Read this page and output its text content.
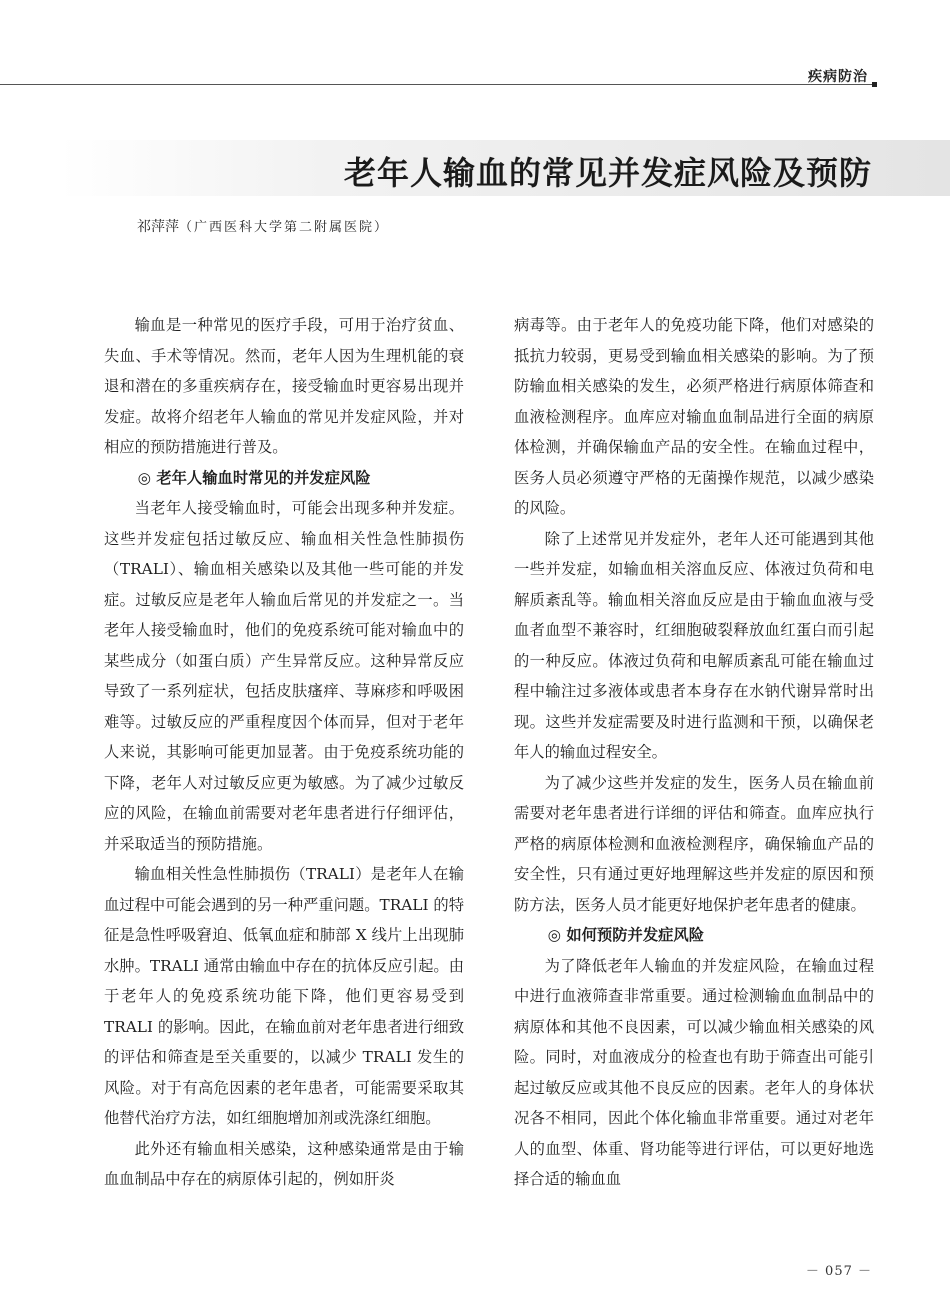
疾病防治
老年人输血的常见并发症风险及预防
祁萍萍（广西医科大学第二附属医院）

输血是一种常见的医疗手段，可用于治疗贫血、失血、手术等情况。然而，老年人因为生理机能的衰退和潜在的多重疾病存在，接受输血时更容易出现并发症。故将介绍老年人输血的常见并发症风险，并对相应的预防措施进行普及。

◎ 老年人输血时常见的并发症风险

当老年人接受输血时，可能会出现多种并发症。这些并发症包括过敏反应、输血相关性急性肺损伤（TRALI）、输血相关感染以及其他一些可能的并发症。过敏反应是老年人输血后常见的并发症之一。当老年人接受输血时，他们的免疫系统可能对输血中的某些成分（如蛋白质）产生异常反应。这种异常反应导致了一系列症状，包括皮肤瘙痒、荨麻疹和呼吸困难等。过敏反应的严重程度因个体而异，但对于老年人来说，其影响可能更加显著。由于免疫系统功能的下降，老年人对过敏反应更为敏感。为了减少过敏反应的风险，在输血前需要对老年患者进行仔细评估，并采取适当的预防措施。

输血相关性急性肺损伤（TRALI）是老年人在输血过程中可能会遇到的另一种严重问题。TRALI 的特征是急性呼吸窘迫、低氧血症和肺部 X 线片上出现肺水肿。TRALI 通常由输血中存在的抗体反应引起。由于老年人的免疫系统功能下降，他们更容易受到 TRALI 的影响。因此，在输血前对老年患者进行细致的评估和筛查是至关重要的，以减少 TRALI 发生的风险。对于有高危因素的老年患者，可能需要采取其他替代治疗方法，如红细胞增加剂或洗涤红细胞。

此外还有输血相关感染，这种感染通常是由于输血血制品中存在的病原体引起的，例如肝炎

病毒等。由于老年人的免疫功能下降，他们对感染的抵抗力较弱，更易受到输血相关感染的影响。为了预防输血相关感染的发生，必须严格进行病原体筛查和血液检测程序。血库应对输血血制品进行全面的病原体检测，并确保输血产品的安全性。在输血过程中，医务人员必须遵守严格的无菌操作规范，以减少感染的风险。

除了上述常见并发症外，老年人还可能遇到其他一些并发症，如输血相关溶血反应、体液过负荷和电解质紊乱等。输血相关溶血反应是由于输血血液与受血者血型不兼容时，红细胞破裂释放血红蛋白而引起的一种反应。体液过负荷和电解质紊乱可能在输血过程中输注过多液体或患者本身存在水钠代谢异常时出现。这些并发症需要及时进行监测和干预，以确保老年人的输血过程安全。

为了减少这些并发症的发生，医务人员在输血前需要对老年患者进行详细的评估和筛查。血库应执行严格的病原体检测和血液检测程序，确保输血产品的安全性，只有通过更好地理解这些并发症的原因和预防方法，医务人员才能更好地保护老年患者的健康。

◎ 如何预防并发症风险

为了降低老年人输血的并发症风险，在输血过程中进行血液筛查非常重要。通过检测输血血制品中的病原体和其他不良因素，可以减少输血相关感染的风险。同时，对血液成分的检查也有助于筛查出可能引起过敏反应或其他不良反应的因素。老年人的身体状况各不相同，因此个体化输血非常重要。通过对老年人的血型、体重、肾功能等进行评估，可以更好地选择合适的输血血

－ 057 －
